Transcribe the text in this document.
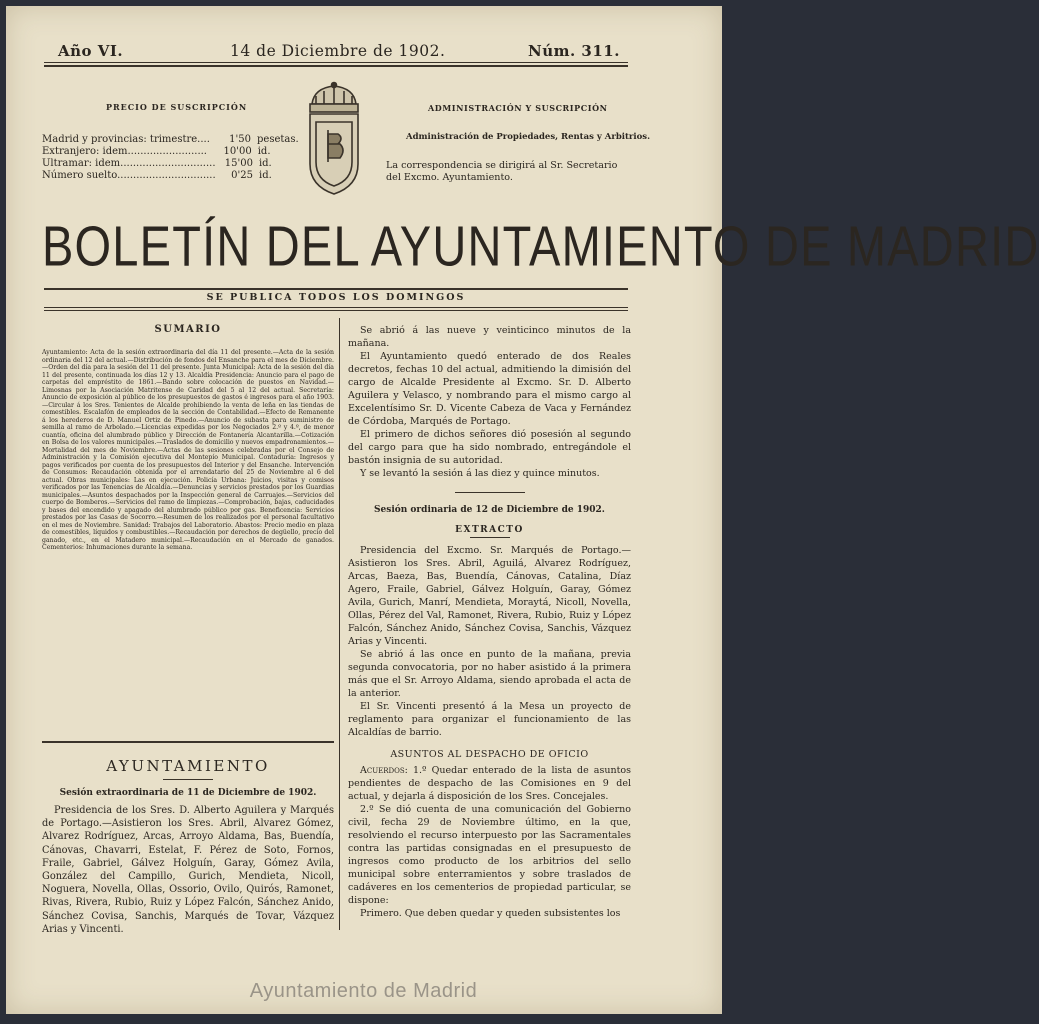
Año VI.	14 de Diciembre de 1902.	Núm. 311.
PRECIO DE SUSCRIPCIÓN
Madrid y provincias: trimestre....	1'50 pesetas.
Extranjero: idem.........................	10'00 id.
Ultramar: idem.............................. 15'00 id.
Número suelto...............................	0'25 id.
ADMINISTRACIÓN Y SUSCRIPCIÓN
Administración de Propiedades, Rentas y Arbitrios.
La correspondencia se dirigirá al Sr. Secretario del Excmo. Ayuntamiento.
BOLETÍN DEL AYUNTAMIENTO DE MADRID
SE PUBLICA TODOS LOS DOMINGOS
SUMARIO

Ayuntamiento: Acta de la sesión extraordinaria del día 11 del presente.—Acta de la sesión ordinaria del 12 del actual.—Distribución de fondos del Ensanche para el mes de Diciembre.—Orden del día para la sesión del 11 del presente. Junta Municipal: Acta de la sesión del día 11 del presente, continuada los días 12 y 13. Alcaldía Presidencia: Anuncio para el pago de carpetas del empréstito de 1861.—Bando sobre colocación de puestos en Navidad.—Limosnas por la Asociación Matritense de Caridad del 5 al 12 del actual. Secretaría: Anuncio de exposición al público de los presupuestos de gastos é ingresos para el año 1903.—Circular á los Sres. Tenientes de Alcalde prohibiendo la venta de leña en las tiendas de comestibles. Escalafón de empleados de la sección de Contabilidad.—Efecto de Remanente á los herederos de D. Manuel Ortiz de Pinedo.—Anuncio de subasta para suministro de semilla al ramo de Arbolado.—Licencias expedidas por los Negociados 2.º y 4.º, de menor cuantía, oficina del alumbrado público y Dirección de Fontanería Alcantarilla.—Cotización en Bolsa de los valores municipales.—Traslados de domicilio y nuevos empadronamientos.—Mortalidad del mes de Noviembre.—Actas de las sesiones celebradas por el Consejo de Administración y la Comisión ejecutiva del Montepío Municipal. Contaduría: Ingresos y pagos verificados por cuenta de los presupuestos del Interior y del Ensanche. Intervención de Consumos: Recaudación obtenida por el arrendatario del 25 de Noviembre al 6 del actual. Obras municipales: Las en ejecución. Policía Urbana: Juicios, visitas y comisos verificados por las Tenencias de Alcaldía.—Denuncias y servicios prestados por los Guardias municipales.—Asuntos despachados por la Inspección general de Carruajes.—Servicios del cuerpo de Bomberos.—Servicios del ramo de limpiezas.—Comprobación, bajas, caducidades y bases del encendido y apagado del alumbrado público por gas. Beneficencia: Servicios prestados por las Casas de Socorro.—Resumen de los realizados por el personal facultativo en el mes de Noviembre. Sanidad: Trabajos del Laboratorio. Abastos: Precio medio en plaza de comestibles, líquidos y combustibles.—Recaudación por derechos de degüello, precio del ganado, etc., en el Matadero municipal.—Recaudación en el Mercado de ganados. Cementerios: Inhumaciones durante la semana.

AYUNTAMIENTO
Sesión extraordinaria de 11 de Diciembre de 1902.

Presidencia de los Sres. D. Alberto Aguilera y Marqués de Portago.—Asistieron los Sres. Abril, Alvarez Gómez, Alvarez Rodríguez, Arcas, Arroyo Aldama, Bas, Buendía, Cánovas, Chavarri, Estelat, F. Pérez de Soto, Fornos, Fraile, Gabriel, Gálvez Holguín, Garay, Gómez Avila, González del Campillo, Gurich, Mendieta, Nicoll, Noguera, Novella, Ollas, Ossorio, Ovilo, Quirós, Ramonet, Rivas, Rivera, Rubio, Ruiz y López Falcón, Sánchez Anido, Sánchez Covisa, Sanchis, Marqués de Tovar, Vázquez Arias y Vincenti.

Se abrió á las nueve y veinticinco minutos de la mañana.

El Ayuntamiento quedó enterado de dos Reales decretos, fechas 10 del actual, admitiendo la dimisión del cargo de Alcalde Presidente al Excmo. Sr. D. Alberto Aguilera y Velasco, y nombrando para el mismo cargo al Excelentísimo Sr. D. Vicente Cabeza de Vaca y Fernández de Córdoba, Marqués de Portago.

El primero de dichos señores dió posesión al segundo del cargo para que ha sido nombrado, entregándole el bastón insignia de su autoridad.

Y se levantó la sesión á las diez y quince minutos.

Sesión ordinaria de 12 de Diciembre de 1902.
EXTRACTO

Presidencia del Excmo. Sr. Marqués de Portago.—Asistieron los Sres. Abril, Aguilá, Alvarez Rodríguez, Arcas, Baeza, Bas, Buendía, Cánovas, Catalina, Díaz Agero, Fraile, Gabriel, Gálvez Holguín, Garay, Gómez Avila, Gurich, Manrí, Mendieta, Moraytá, Nicoll, Novella, Ollas, Pérez del Val, Ramonet, Rivera, Rubio, Ruiz y López Falcón, Sánchez Anido, Sánchez Covisa, Sanchis, Vázquez Arias y Vincenti.

Se abrió á las once en punto de la mañana, previa segunda convocatoria, por no haber asistido á la primera más que el Sr. Arroyo Aldama, siendo aprobada el acta de la anterior.

El Sr. Vincenti presentó á la Mesa un proyecto de reglamento para organizar el funcionamiento de las Alcaldías de barrio.

ASUNTOS AL DESPACHO DE OFICIO

Acuerdos: 1.º Quedar enterado de la lista de asuntos pendientes de despacho de las Comisiones en 9 del actual, y dejarla á disposición de los Sres. Concejales.

2.º Se dió cuenta de una comunicación del Gobierno civil, fecha 29 de Noviembre último, en la que, resolviendo el recurso interpuesto por las Sacramentales contra las partidas consignadas en el presupuesto de ingresos como producto de los arbitrios del sello municipal sobre enterramientos y sobre traslados de cadáveres en los cementerios de propiedad particular, se dispone:

Primero. Que deben quedar y queden subsistentes los

Ayuntamiento de Madrid
